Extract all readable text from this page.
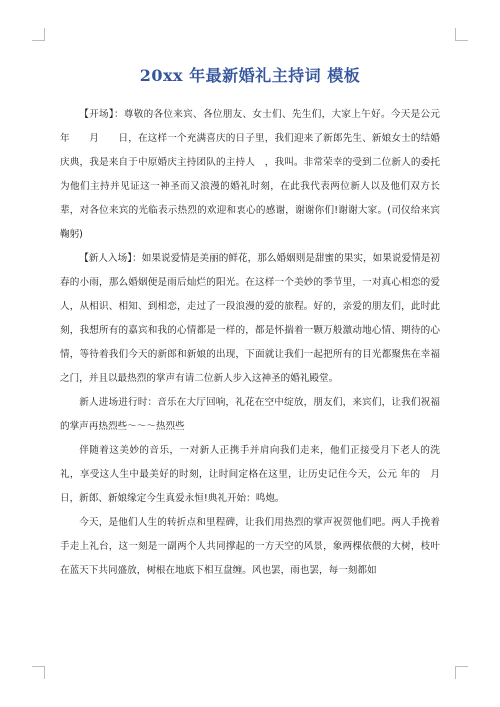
20xx 年最新婚礼主持词 模板

【开场】：尊敬的各位来宾、各位朋友、女士们、先生们，大家上午好。今天是公元　　年　　月　　日，在这样一个充满喜庆的日子里，我们迎来了新郎先生、新娘女士的结婚庆典，我是来自于中原婚庆主持团队的主持人　，我叫。非常荣幸的受到二位新人的委托为他们主持并见证这一神圣而又浪漫的婚礼时刻，在此我代表两位新人以及他们双方长辈，对各位来宾的光临表示热烈的欢迎和衷心的感谢，谢谢你们!谢谢大家。(司仪给来宾鞠躬)

【新人入场】：如果说爱情是美丽的鲜花，那么婚姻则是甜蜜的果实，如果说爱情是初春的小雨，那么婚姻便是雨后灿烂的阳光。在这样一个美妙的季节里，一对真心相恋的爱人，从相识、相知、到相恋，走过了一段浪漫的爱的旅程。好的，亲爱的朋友们，此时此刻，我想所有的嘉宾和我的心情都是一样的，都是怀揣着一颗万般激动地心情、期待的心情，等待着我们今天的新郎和新娘的出现，下面就让我们一起把所有的目光都聚焦在幸福之门，并且以最热烈的掌声有请二位新人步入这神圣的婚礼殿堂。

新人进场进行时：音乐在大厅回响，礼花在空中绽放，朋友们，来宾们，让我们祝福的掌声再热烈些～～～热烈些

伴随着这美妙的音乐，一对新人正携手并肩向我们走来，他们正接受月下老人的洗礼，享受这人生中最美好的时刻，让时间定格在这里，让历史记住今天，公元 年的　月 日，新郎、新娘缘定今生真爱永恒!典礼开始：鸣炮。

今天，是他们人生的转折点和里程碑，让我们用热烈的掌声祝贺他们吧。两人手挽着手走上礼台，这一刻是一副两个人共同撑起的一方天空的风景，象两棵依偎的大树，枝叶在蓝天下共同盛放，树根在地底下相互盘缠。风也罢，雨也罢，每一刻都如
